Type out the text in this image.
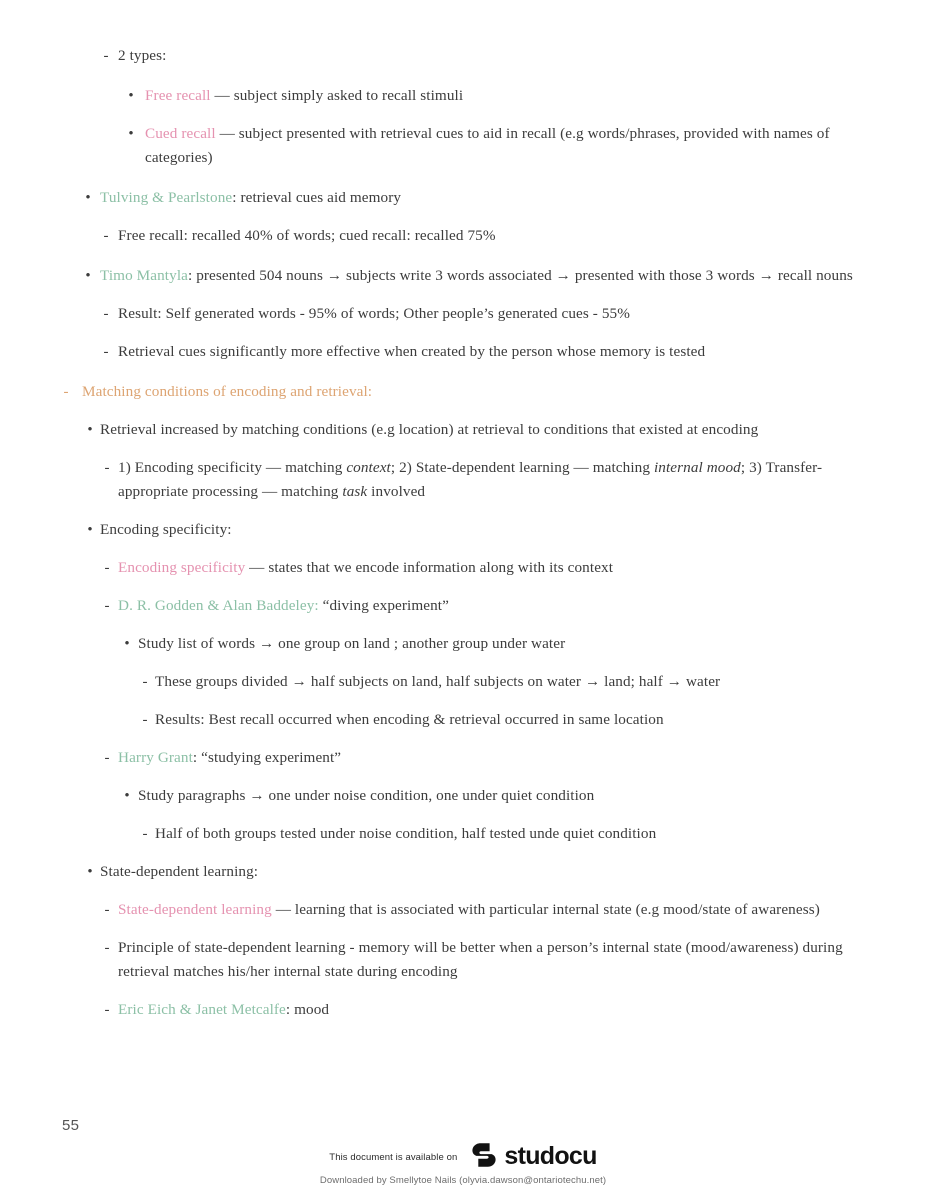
-
2 types:
•
Free recall — subject simply asked to recall stimuli
•
Cued recall — subject presented with retrieval cues to aid in recall (e.g words/phrases, provided with names of categories)
•
Tulving & Pearlstone: retrieval cues aid memory
-
Free recall: recalled 40% of words; cued recall: recalled 75%
•
Timo Mantyla: presented 504 nouns → subjects write 3 words associated → presented with those 3 words → recall nouns
-
Result: Self generated words - 95% of words; Other people’s generated cues - 55%
-
Retrieval cues significantly more effective when created by the person whose memory is tested
-
Matching conditions of encoding and retrieval:
•
Retrieval increased by matching conditions (e.g location) at retrieval to conditions that existed at encoding
-
1) Encoding specificity — matching context; 2) State-dependent learning — matching internal mood; 3) Transfer-appropriate processing — matching task involved
•
Encoding specificity:
-
Encoding specificity — states that we encode information along with its context
-
D. R. Godden & Alan Baddeley: “diving experiment”
•
Study list of words → one group on land ; another group under water
-
These groups divided → half subjects on land, half subjects on water → land; half → water
-
Results: Best recall occurred when encoding & retrieval occurred in same location
-
Harry Grant: “studying experiment”
•
Study paragraphs → one under noise condition, one under quiet condition
-
Half of both groups tested under noise condition, half tested unde quiet condition
•
State-dependent learning:
-
State-dependent learning — learning that is associated with particular internal state (e.g mood/state of awareness)
-
Principle of state-dependent learning - memory will be better when a person’s internal state (mood/awareness) during retrieval matches his/her internal state during encoding
-
Eric Eich & Janet Metcalfe: mood
55
This document is available on studocu
Downloaded by Smellytoe Nails (olyvia.dawson@ontariotechu.net)
